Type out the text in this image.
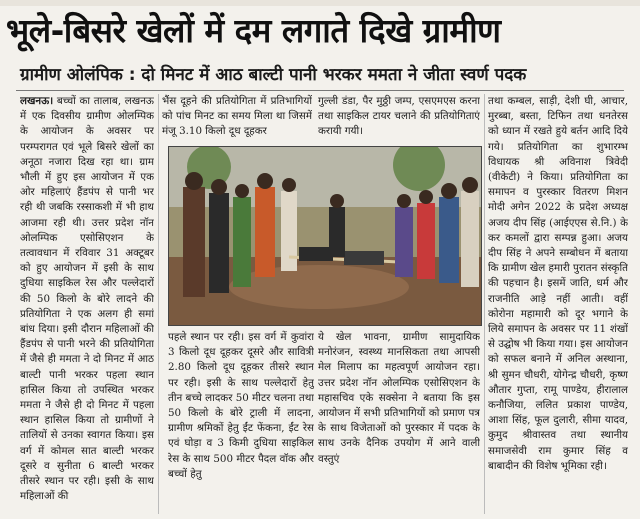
भूले-बिसरे खेलों में दम लगाते दिखे ग्रामीण
ग्रामीण ओलंपिक : दो मिनट में आठ बाल्टी पानी भरकर ममता ने जीता स्वर्ण पदक
लखनऊ। बच्चों का तालाब, लखनऊ में एक दिवसीय ग्रामीण ओलम्पिक के आयोजन के अवसर पर परम्परागत एवं भूले बिसरे खेलों का अनूठा नजारा दिख रहा था। ग्राम भौली में हुए इस आयोजन में एक ओर महिलाएं हैंडपंप से पानी भर रही थी जबकि रस्साकशी में भी हाथ आजमा रही थी। उत्तर प्रदेश नॉन ओलम्पिक एसोसिएशन के तत्वावधान में रविवार 31 अक्टूबर को हुए आयोजन में इसी के साथ दुधिया साइकिल रेस और पल्लेदारों की 50 किलो के बोरे लादने की प्रतियोगिता ने एक अलग ही समां बांध दिया। इसी दौरान महिलाओं की हैंडपंप से पानी भरने की प्रतियोगिता में जैसे ही ममता ने दो मिनट में आठ बाल्टी पानी भरकर पहला स्थान हासिल किया तो उपस्थित भरकर ममता ने जैसे ही दो मिनट में पहला स्थान हासिल किया तो ग्रामीणों ने तालियों से उनका स्वागत किया। इस वर्ग में कोमल सात बाल्टी भरकर दूसरे व सुनीता 6 बाल्टी भरकर तीसरे स्थान पर रही। इसी के साथ महिलाओं की
भैंस दूहने की प्रतियोगिता में प्रतिभागियों को पांच मिनट का समय मिला था जिसमें मंजू 3.10 किलो दूध दूहकर
गुल्ली डंडा, पैर मुठ्ठी जम्प, एसएमएस करना तथा साइकिल टायर चलाने की प्रतियोगिताएं करायी गयी।
पहले स्थान पर रही। इस वर्ग में कुवांरा 3 किलो दूध दूहकर दूसरे और सावित्री 2.80 किलो दूध दूहकर तीसरे स्थान पर रही। इसी के साथ पल्लेदारों हेतु तीन बच्चे लादकर 50 मीटर चलना तथा 50 किलो के बोरे ट्राली में लादना, ग्रामीण श्रमिकों हेतु ईंट फेंकना, ईंट रेस एवं घोड़ा व 3 किमी दुधिया साइकिल रेस के साथ 500 मीटर पैदल वॉक और बच्चों हेतु
ये खेल भावना, ग्रामीण सामुदायिक मनोरंजन, स्वस्थ्य मानसिकता तथा आपसी मेल मिलाप का महत्वपूर्ण आयोजन रहा। उत्तर प्रदेश नॉन ओलम्पिक एसोसिएशन के महासचिव एके सक्सेना ने बताया कि इस आयोजन में सभी प्रतिभागियों को प्रमाण पत्र के साथ विजेताओं को पुरस्कार में पदक के साथ उनके दैनिक उपयोग में आने वाली वस्तुएं
तथा कम्बल, साड़ी, देशी घी, आचार, मुरब्बा, बस्ता, टिफिन तथा धनतेरस को ध्यान में रखते हुये बर्तन आदि दिये गये। प्रतियोगिता का शुभारम्भ विधायक श्री अविनाश त्रिवेदी (वीकेटी) ने किया। प्रतियोगिता का समापन व पुरस्कार वितरण मिशन मोदी अगेन 2022 के प्रदेश अध्यक्ष अजय दीप सिंह (आईएएस से.नि.) के कर कमलों द्वारा सम्पन्न हुआ। अजय दीप सिंह ने अपने सम्बोधन में बताया कि ग्रामीण खेल हमारी पुरातन संस्कृति की पहचान है। इसमें जाति, धर्म और राजनीति आड़े नहीं आती। वहीं कोरोना महामारी को दूर भगाने के लिये समापन के अवसर पर 11 शंखों से उद्घोष भी किया गया। इस आयोजन को सफल बनाने में अनिल अस्थाना, श्री सुमन चौधरी, योगेन्द्र चौधरी, कृष्ण औतार गुप्ता, रामू पाण्डेय, हीरालाल कनौजिया, ललित प्रकाश पाण्डेय, आशा सिंह, फूल दुलारी, सीमा यादव, कुमुद श्रीवास्तव तथा स्थानीय समाजसेवी राम कुमार सिंह व बाबादीन की विशेष भूमिका रही।
